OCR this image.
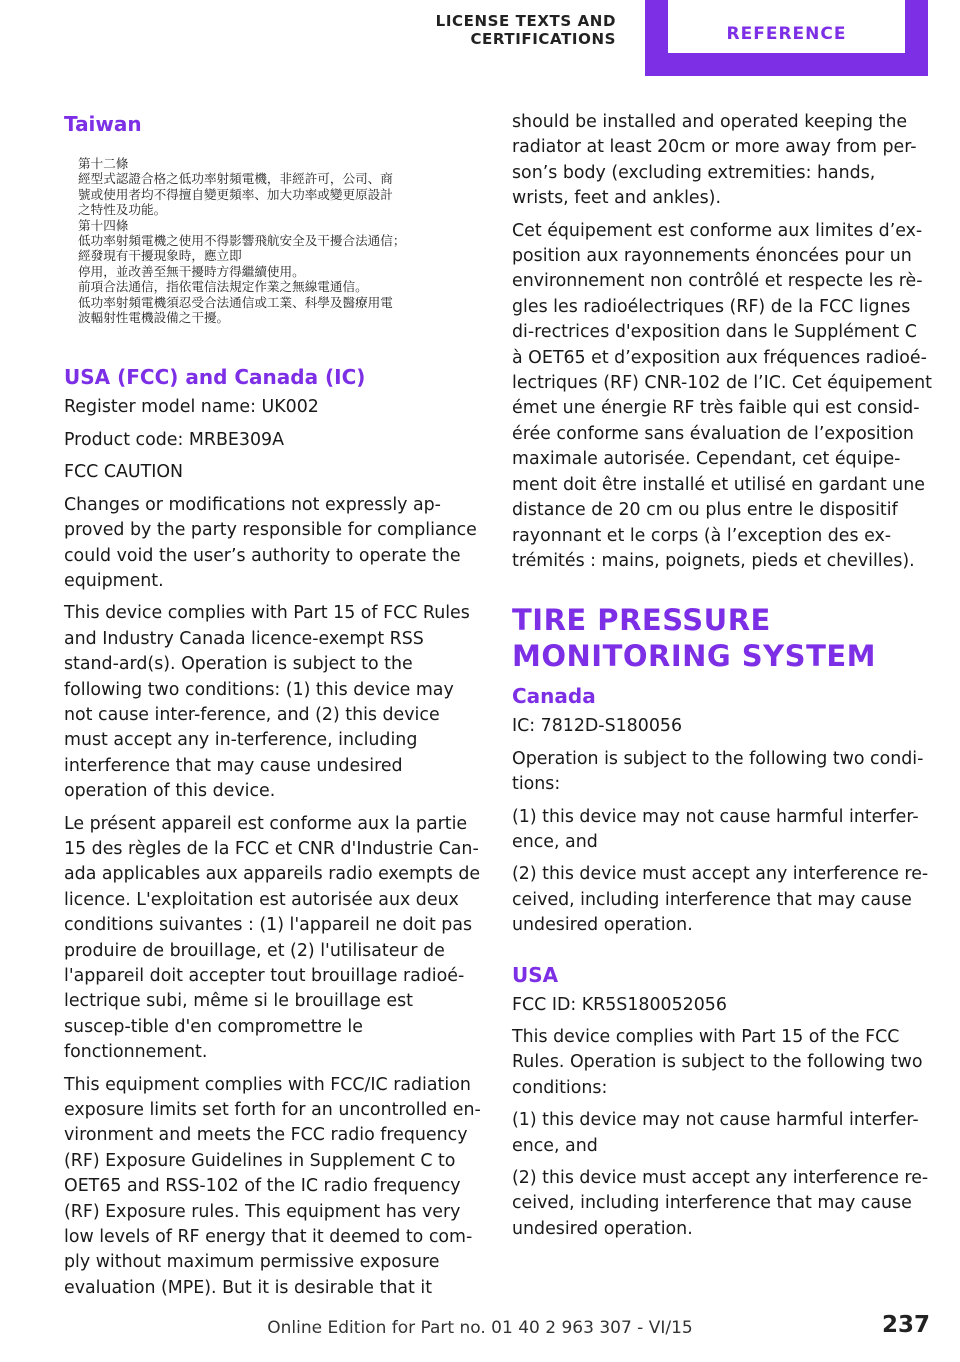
LICENSE TEXTS AND CERTIFICATIONS	REFERENCE
Taiwan
第十二條
經型式認證合格之低功率射頻電機，非經許可，公司、商
號或使用者均不得擅自變更頻率、加大功率或變更原設計
之特性及功能。
第十四條
低功率射頻電機之使用不得影響飛航安全及干擾合法通信；
經發現有干擾現象時，應立即
停用，並改善至無干擾時方得繼續使用。
前項合法通信，指依電信法規定作業之無線電通信。
低功率射頻電機須忍受合法通信或工業、科學及醫療用電
波輻射性電機設備之干擾。
USA (FCC) and Canada (IC)

Register model name: UK002

Product code: MRBE309A

FCC CAUTION

Changes or modifications not expressly ap-proved by the party responsible for compliance could void the user’s authority to operate the equipment.

This device complies with Part 15 of FCC Rules and Industry Canada licence-exempt RSS stand-ard(s). Operation is subject to the following two conditions: (1) this device may not cause inter-ference, and (2) this device must accept any in-terference, including interference that may cause undesired operation of this device.

Le présent appareil est conforme aux la partie 15 des règles de la FCC et CNR d'Industrie Can-ada applicables aux appareils radio exempts de licence. L'exploitation est autorisée aux deux conditions suivantes : (1) l'appareil ne doit pas produire de brouillage, et (2) l'utilisateur de l'appareil doit accepter tout brouillage radioé-lectrique subi, même si le brouillage est suscep-tible d'en compromettre le fonctionnement.

This equipment complies with FCC/IC radiation exposure limits set forth for an uncontrolled en-vironment and meets the FCC radio frequency (RF) Exposure Guidelines in Supplement C to OET65 and RSS-102 of the IC radio frequency (RF) Exposure rules. This equipment has very low levels of RF energy that it deemed to com-ply without maximum permissive exposure evaluation (MPE). But it is desirable that it

should be installed and operated keeping the radiator at least 20cm or more away from per-son’s body (excluding extremities: hands, wrists, feet and ankles).

Cet équipement est conforme aux limites d’ex-position aux rayonnements énoncées pour un environnement non contrôlé et respecte les rè-gles les radioélectriques (RF) de la FCC lignes di-rectrices d'exposition dans le Supplément C à OET65 et d’exposition aux fréquences radioé-lectriques (RF) CNR-102 de l’IC. Cet équipement émet une énergie RF très faible qui est consid-érée conforme sans évaluation de l’exposition maximale autorisée. Cependant, cet équipe-ment doit être installé et utilisé en gardant une distance de 20 cm ou plus entre le dispositif rayonnant et le corps (à l’exception des ex-trémités : mains, poignets, pieds et chevilles).

TIRE PRESSURE MONITORING SYSTEM
Canada

IC: 7812D-S180056

Operation is subject to the following two condi-tions:

(1) this device may not cause harmful interfer-ence, and

(2) this device must accept any interference re-ceived, including interference that may cause undesired operation.

USA

FCC ID: KR5S180052056

This device complies with Part 15 of the FCC Rules. Operation is subject to the following two conditions:

(1) this device may not cause harmful interfer-ence, and

(2) this device must accept any interference re-ceived, including interference that may cause undesired operation.

Online Edition for Part no. 01 40 2 963 307 - VI/15	237
